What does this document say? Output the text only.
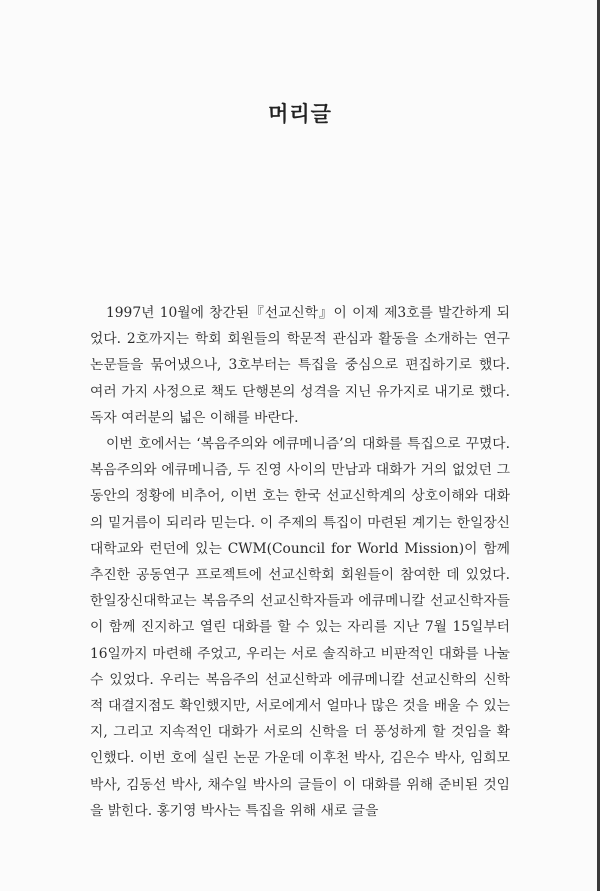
머리글

1997년 10월에 창간된『선교신학』이 이제 제3호를 발간하게 되었다. 2호까지는 학회 회원들의 학문적 관심과 활동을 소개하는 연구논문들을 묶어냈으나, 3호부터는 특집을 중심으로 편집하기로 했다. 여러 가지 사정으로 책도 단행본의 성격을 지닌 유가지로 내기로 했다. 독자 여러분의 넓은 이해를 바란다.

이번 호에서는 ‘복음주의와 에큐메니즘’의 대화를 특집으로 꾸몄다. 복음주의와 에큐메니즘, 두 진영 사이의 만남과 대화가 거의 없었던 그 동안의 정황에 비추어, 이번 호는 한국 선교신학계의 상호이해와 대화의 밑거름이 되리라 믿는다. 이 주제의 특집이 마련된 계기는 한일장신대학교와 런던에 있는 CWM(Council for World Mission)이 함께 추진한 공동연구 프로젝트에 선교신학회 회원들이 참여한 데 있었다. 한일장신대학교는 복음주의 선교신학자들과 에큐메니칼 선교신학자들이 함께 진지하고 열린 대화를 할 수 있는 자리를 지난 7월 15일부터 16일까지 마련해 주었고, 우리는 서로 솔직하고 비판적인 대화를 나눌 수 있었다. 우리는 복음주의 선교신학과 에큐메니칼 선교신학의 신학적 대결지점도 확인했지만, 서로에게서 얼마나 많은 것을 배울 수 있는지, 그리고 지속적인 대화가 서로의 신학을 더 풍성하게 할 것임을 확인했다. 이번 호에 실린 논문 가운데 이후천 박사, 김은수 박사, 임희모 박사, 김동선 박사, 채수일 박사의 글들이 이 대화를 위해 준비된 것임을 밝힌다. 홍기영 박사는 특집을 위해 새로 글을
